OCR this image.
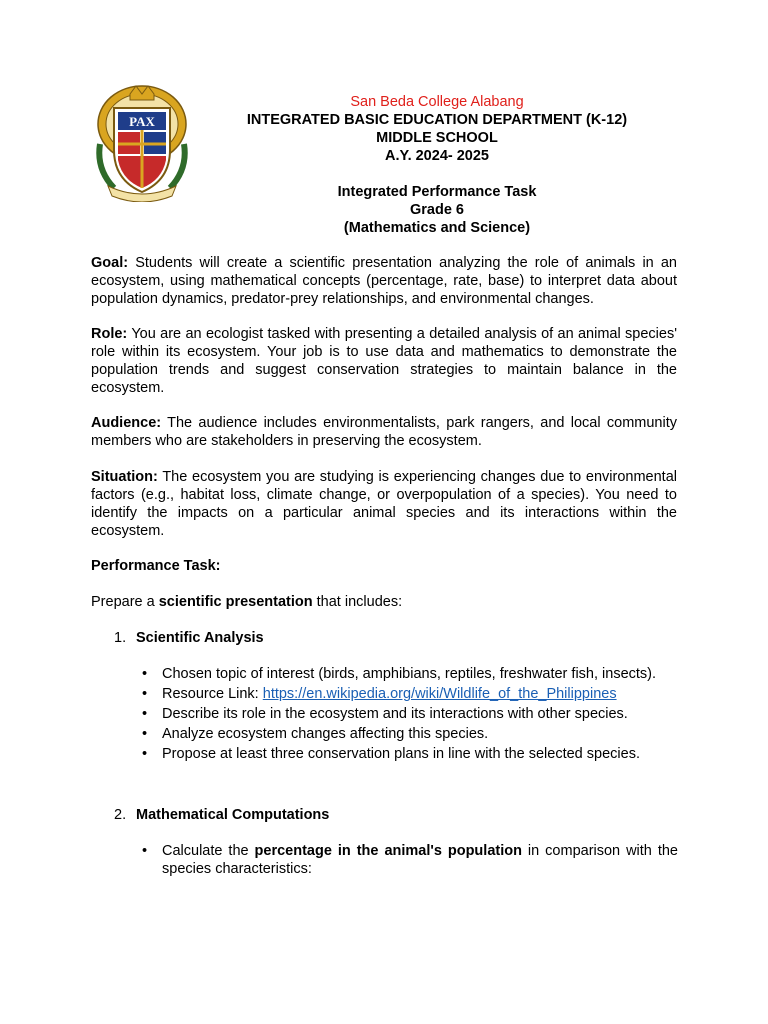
PAX
San Beda College Alabang
INTEGRATED BASIC EDUCATION DEPARTMENT (K-12)
MIDDLE SCHOOL
A.Y. 2024- 2025
Integrated Performance Task
Grade 6
(Mathematics and Science)
Goal: Students will create a scientific presentation analyzing the role of animals in an ecosystem, using mathematical concepts (percentage, rate, base) to interpret data about population dynamics, predator-prey relationships, and environmental changes.
Role: You are an ecologist tasked with presenting a detailed analysis of an animal species' role within its ecosystem. Your job is to use data and mathematics to demonstrate the population trends and suggest conservation strategies to maintain balance in the ecosystem.
Audience: The audience includes environmentalists, park rangers, and local community members who are stakeholders in preserving the ecosystem.
Situation: The ecosystem you are studying is experiencing changes due to environmental factors (e.g., habitat loss, climate change, or overpopulation of a species). You need to identify the impacts on a particular animal species and its interactions within the ecosystem.
Performance Task:
Prepare a scientific presentation that includes:
1. Scientific Analysis
• Chosen topic of interest (birds, amphibians, reptiles, freshwater fish, insects).
• Resource Link: https://en.wikipedia.org/wiki/Wildlife_of_the_Philippines
• Describe its role in the ecosystem and its interactions with other species.
• Analyze ecosystem changes affecting this species.
• Propose at least three conservation plans in line with the selected species.
2. Mathematical Computations
• Calculate the percentage in the animal's population in comparison with the species characteristics:
